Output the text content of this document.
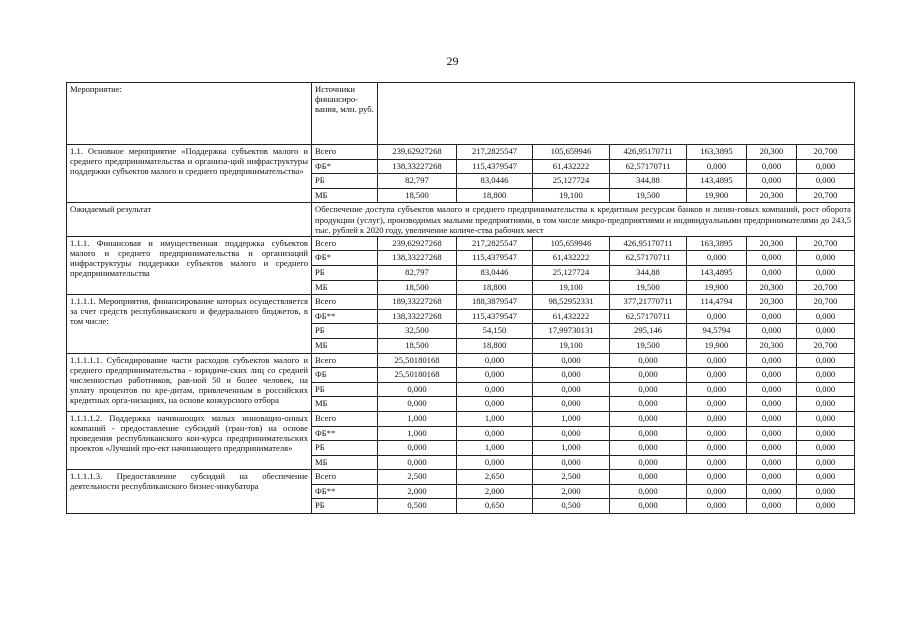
29
Мероприятие:	Источники финансиро-вания, млн. руб.							
1.1. Основное мероприятие «Поддержка субъектов малого и среднего предпринимательства и организа-ций инфраструктуры поддержки субъектов малого и среднего предпринимательства»	Всего	239,62927268	217,2825547	105,659946	426,95170711	163,3895	20,300	20,700
	ФБ*	138,33227268	115,4379547	61,432222	62,57170711	0,000	0,000	0,000
	РБ	82,797	83,0446	25,127724	344,88	143,4895	0,000	0,000
	МБ	18,500	18,800	19,100	19,500	19,900	20,300	20,700
Ожидаемый результат	Обеспечение доступа субъектов малого и среднего предпринимательства к кредитным ресурсам банков и лизин-говых компаний, рост оборота продукции (услуг), производимых малыми предприятиями, в том числе микро-предприятиями и индивидуальными предпринимателями до 243,5 тыс. рублей к 2020 году, увеличение количе-ства рабочих мест							
1.1.1. Финансовая и имущественная поддержка субъектов малого и среднего предпринимательства и организаций инфраструктуры поддержки субъектов малого и среднего предпринимательства	Всего	239,62927268	217,2825547	105,659946	426,95170711	163,3895	20,300	20,700
	ФБ*	138,33227268	115,4379547	61,432222	62,57170711	0,000	0,000	0,000
	РБ	82,797	83,0446	25,127724	344,88	143,4895	0,000	0,000
	МБ	18,500	18,800	19,100	19,500	19,900	20,300	20,700
1.1.1.1. Мероприятия, финансирование которых осуществляется за счет средств республиканского и федерального бюджетов, в том числе:	Всего	189,33227268	188,3879547	98,52952331	377,21770711	114,4794	20,300	20,700
	ФБ**	138,33227268	115,4379547	61,432222	62,57170711	0,000	0,000	0,000
	РБ	32,500	54,150	17,99730131	295,146	94,5794	0,000	0,000
	МБ	18,500	18,800	19,100	19,500	19,900	20,300	20,700
1.1.1.1.1. Субсидирование части расходов субъектов малого и среднего предпринимательства - юридиче-ских лиц со средней численностью работников, рав-ной 50 и более человек, на уплату процентов по кре-дитам, привлеченным в российских кредитных орга-низациях, на основе конкурсного отбора	Всего	25,50180168	0,000	0,000	0,000	0,000	0,000	0,000
	ФБ	25,50180168	0,000	0,000	0,000	0,000	0,000	0,000
	РБ	0,000	0,000	0,000	0,000	0,000	0,000	0,000
	МБ	0,000	0,000	0,000	0,000	0,000	0,000	0,000
1.1.1.1.2. Поддержка начинающих малых инновацио-онных компаний - предоставление субсидий (гран-тов) на основе проведения республиканского кон-курса предпринимательских проектов «Лучший про-ект начинающего предпринимателя»	Всего	1,000	1,000	1,000	0,000	0,000	0,000	0,000
	ФБ**	1,000	0,000	0,000	0,000	0,000	0,000	0,000
	РБ	0,000	1,000	1,000	0,000	0,000	0,000	0,000
	МБ	0,000	0,000	0,000	0,000	0,000	0,000	0,000
1.1.1.1.3. Предоставление субсидий на обеспечение деятельности республиканского бизнес-инкубатора	Всего	2,500	2,650	2,500	0,000	0,000	0,000	0,000
	ФБ**	2,000	2,000	2,000	0,000	0,000	0,000	0,000
	РБ	0,500	0,650	0,500	0,000	0,000	0,000	0,000
